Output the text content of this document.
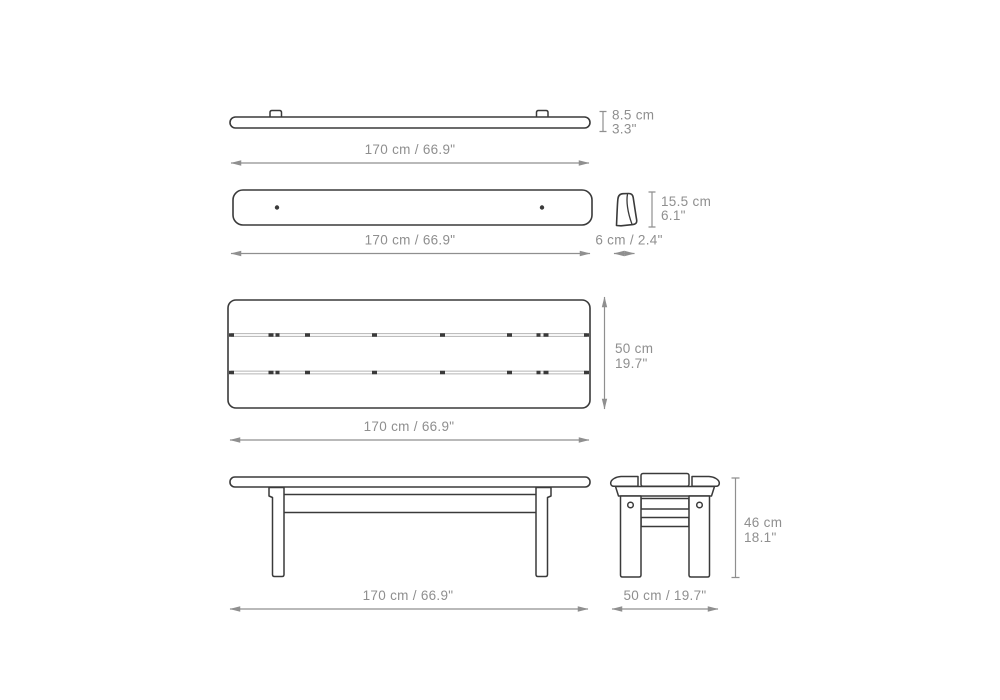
8.5 cm
3.3"
170 cm / 66.9"
15.5 cm
6.1"
170 cm / 66.9"	6 cm / 2.4"
50 cm
19.7"
170 cm / 66.9"
170 cm / 66.9"
46 cm
18.1"
50 cm / 19.7"
